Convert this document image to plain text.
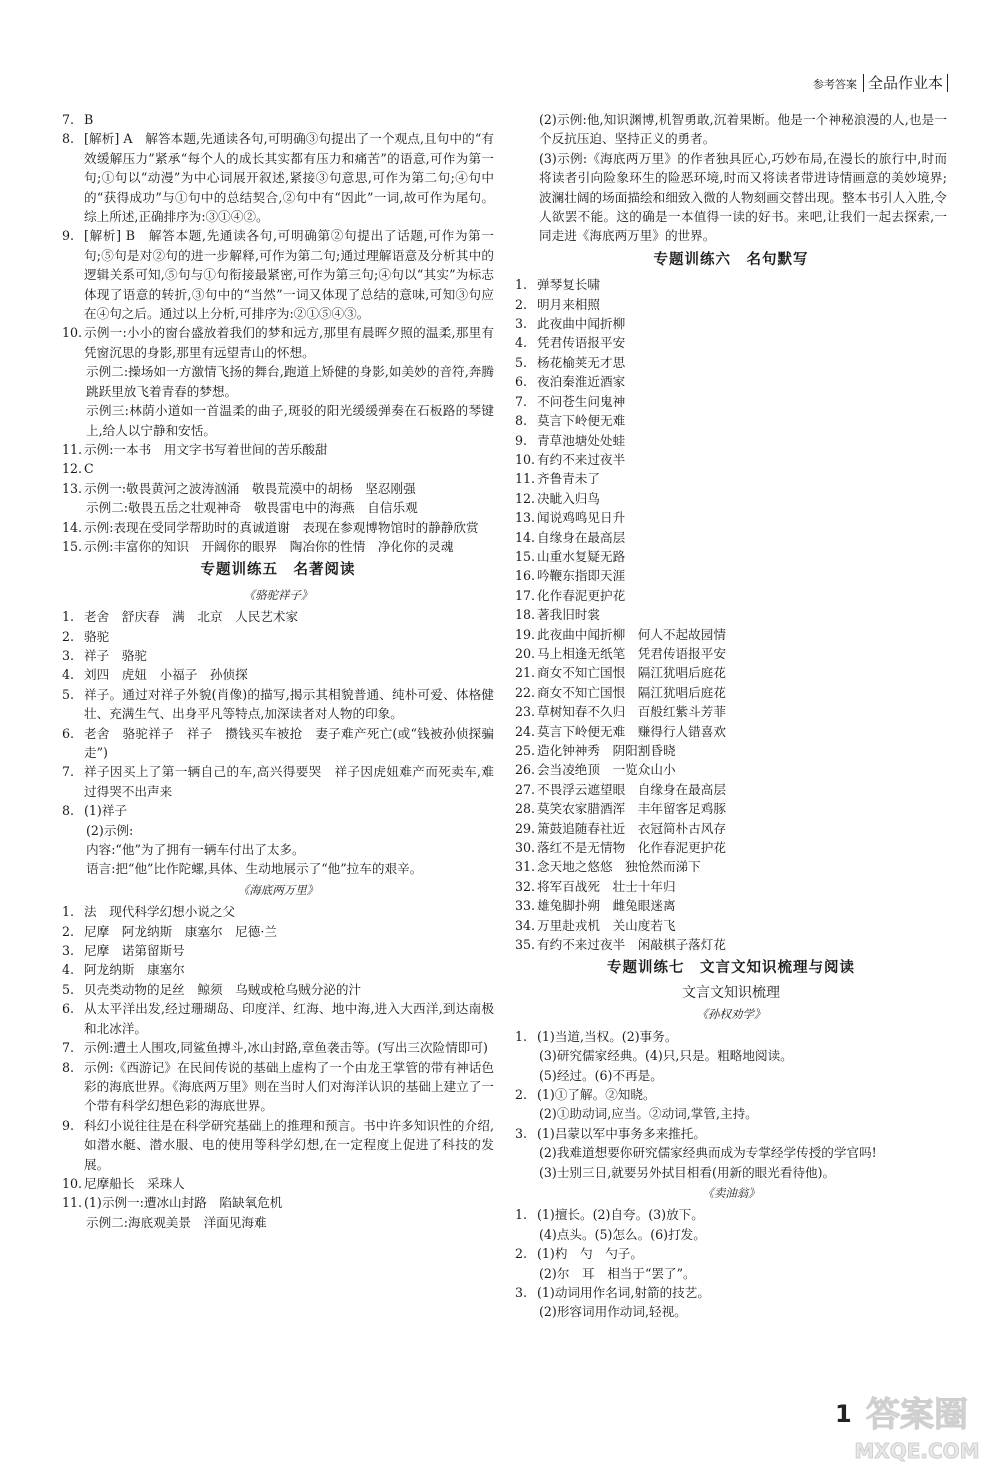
参考答案 全品作业本
7. B
8. [解析] A　解答本题,先通读各句,可明确③句提出了一个观点,且句中的“有效缓解压力”紧承“每个人的成长其实都有压力和痛苦”的语意,可作为第一句;①句以“动漫”为中心词展开叙述,紧接③句意思,可作为第二句;④句中的“获得成功”与①句中的总结契合,②句中有“因此”一词,故可作为尾句。综上所述,正确排序为:③①④②。
9. [解析] B　解答本题,先通读各句,可明确第②句提出了话题,可作为第一句;⑤句是对②句的进一步解释,可作为第二句;通过理解语意及分析其中的逻辑关系可知,⑤句与①句衔接最紧密,可作为第三句;④句以“其实”为标志体现了语意的转折,③句中的“当然”一词又体现了总结的意味,可知③句应在④句之后。通过以上分析,可排序为:②①⑤④③。
10. 示例一:小小的窗台盛放着我们的梦和远方,那里有晨晖夕照的温柔,那里有凭窗沉思的身影,那里有远望青山的怀想。
示例二:操场如一方激情飞扬的舞台,跑道上矫健的身影,如美妙的音符,奔腾跳跃里放飞着青春的梦想。
示例三:林荫小道如一首温柔的曲子,斑驳的阳光缓缓弹奏在石板路的琴键上,给人以宁静和安恬。
11. 示例:一本书　用文字书写着世间的苦乐酸甜
12. C
13. 示例一:敬畏黄河之波涛汹涌　敬畏荒漠中的胡杨　坚忍刚强
示例二:敬畏五岳之壮观神奇　敬畏雷电中的海燕　自信乐观
14. 示例:表现在受同学帮助时的真诚道谢　表现在参观博物馆时的静静欣赏
15. 示例:丰富你的知识　开阔你的眼界　陶冶你的性情　净化你的灵魂
专题训练五　名著阅读
《骆驼祥子》
1. 老舍　舒庆春　满　北京　人民艺术家
2. 骆驼
3. 祥子　骆驼
4. 刘四　虎妞　小福子　孙侦探
5. 祥子。通过对祥子外貌(肖像)的描写,揭示其相貌普通、纯朴可爱、体格健壮、充满生气、出身平凡等特点,加深读者对人物的印象。
6. 老舍　骆驼祥子　祥子　攒钱买车被抢　妻子难产死亡(或“钱被孙侦探骗走”)
7. 祥子因买上了第一辆自己的车,高兴得要哭　祥子因虎妞难产而死卖车,难过得哭不出声来
8. (1)祥子
(2)示例:
内容:“他”为了拥有一辆车付出了太多。
语言:把“他”比作陀螺,具体、生动地展示了“他”拉车的艰辛。
《海底两万里》
1. 法　现代科学幻想小说之父
2. 尼摩　阿龙纳斯　康塞尔　尼德·兰
3. 尼摩　诺第留斯号
4. 阿龙纳斯　康塞尔
5. 贝壳类动物的足丝　鲸须　乌贼或枪乌贼分泌的汁
6. 从太平洋出发,经过珊瑚岛、印度洋、红海、地中海,进入大西洋,到达南极和北冰洋。
7. 示例:遭土人围攻,同鲨鱼搏斗,冰山封路,章鱼袭击等。(写出三次险情即可)
8. 示例:《西游记》在民间传说的基础上虚构了一个由龙王掌管的带有神话色彩的海底世界。《海底两万里》则在当时人们对海洋认识的基础上建立了一个带有科学幻想色彩的海底世界。
9. 科幻小说往往是在科学研究基础上的推理和预言。书中许多知识性的介绍,如潜水艇、潜水服、电的使用等科学幻想,在一定程度上促进了科技的发展。
10. 尼摩船长　采珠人
11. (1)示例一:遭冰山封路　陷缺氧危机
示例二:海底观美景　洋面见海难
(2)示例:他,知识渊博,机智勇敢,沉着果断。他是一个神秘浪漫的人,也是一个反抗压迫、坚持正义的勇者。
(3)示例:《海底两万里》的作者独具匠心,巧妙布局,在漫长的旅行中,时而将读者引向险象环生的险恶环境,时而又将读者带进诗情画意的美妙境界;波澜壮阔的场面描绘和细致入微的人物刻画交替出现。整本书引人入胜,令人欲罢不能。这的确是一本值得一读的好书。来吧,让我们一起去探索,一同走进《海底两万里》的世界。
专题训练六　名句默写
1. 弹琴复长啸
2. 明月来相照
3. 此夜曲中闻折柳
4. 凭君传语报平安
5. 杨花榆荚无才思
6. 夜泊秦淮近酒家
7. 不问苍生问鬼神
8. 莫言下岭便无难
9. 青草池塘处处蛙
10. 有约不来过夜半
11. 齐鲁青未了
12. 决眦入归鸟
13. 闻说鸡鸣见日升
14. 自缘身在最高层
15. 山重水复疑无路
16. 吟鞭东指即天涯
17. 化作春泥更护花
18. 著我旧时裳
19. 此夜曲中闻折柳　何人不起故园情
20. 马上相逢无纸笔　凭君传语报平安
21. 商女不知亡国恨　隔江犹唱后庭花
22. 商女不知亡国恨　隔江犹唱后庭花
23. 草树知春不久归　百般红紫斗芳菲
24. 莫言下岭便无难　赚得行人错喜欢
25. 造化钟神秀　阴阳割昏晓
26. 会当凌绝顶　一览众山小
27. 不畏浮云遮望眼　自缘身在最高层
28. 莫笑农家腊酒浑　丰年留客足鸡豚
29. 箫鼓追随春社近　衣冠简朴古风存
30. 落红不是无情物　化作春泥更护花
31. 念天地之悠悠　独怆然而涕下
32. 将军百战死　壮士十年归
33. 雄兔脚扑朔　雌兔眼迷离
34. 万里赴戎机　关山度若飞
35. 有约不来过夜半　闲敲棋子落灯花
专题训练七　文言文知识梳理与阅读
文言文知识梳理
《孙权劝学》
1. (1)当道,当权。(2)事务。
(3)研究儒家经典。(4)只,只是。粗略地阅读。
(5)经过。(6)不再是。
2. (1)①了解。②知晓。
(2)①助动词,应当。②动词,掌管,主持。
3. (1)吕蒙以军中事务多来推托。
(2)我难道想要你研究儒家经典而成为专掌经学传授的学官吗!
(3)士别三日,就要另外拭目相看(用新的眼光看待他)。
《卖油翁》
1. (1)擅长。(2)自夸。(3)放下。
(4)点头。(5)怎么。(6)打发。
2. (1)杓　勺　勺子。
(2)尔　耳　相当于“罢了”。
3. (1)动词用作名词,射箭的技艺。
(2)形容词用作动词,轻视。
1 答案圈
MXQE.COM
